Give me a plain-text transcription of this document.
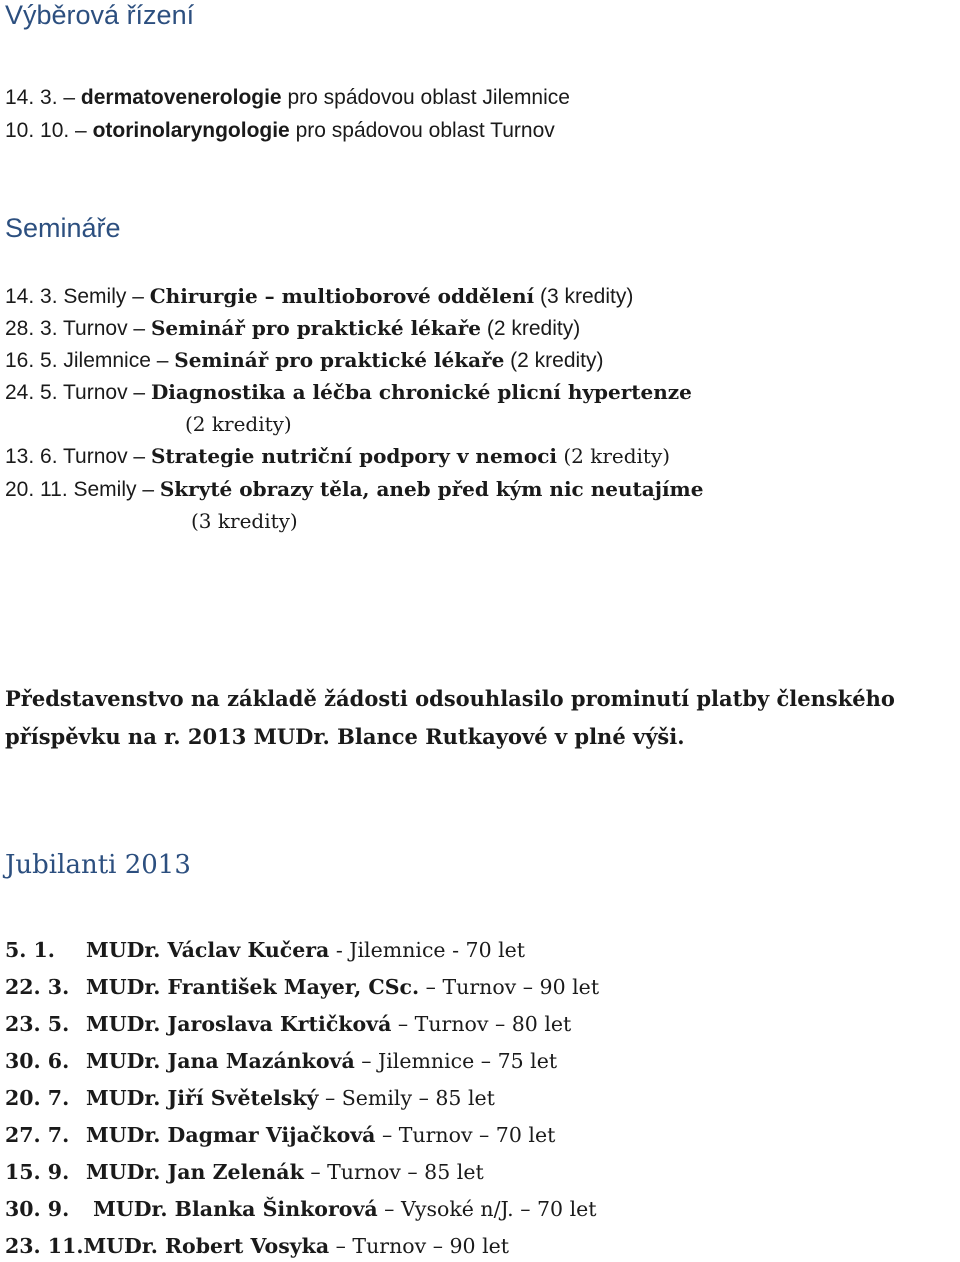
Výběrová řízení
14. 3. – dermatovenerologie pro spádovou oblast Jilemnice
10. 10. – otorinolaryngologie pro spádovou oblast Turnov
Semináře
14. 3. Semily – Chirurgie – multioborové oddělení (3 kredity)
28. 3. Turnov – Seminář pro praktické lékaře (2 kredity)
16. 5. Jilemnice – Seminář pro praktické lékaře (2 kredity)
24. 5. Turnov – Diagnostika a léčba chronické plicní hypertenze
(2 kredity)
13. 6. Turnov – Strategie nutriční podpory v nemoci (2 kredity)
20. 11. Semily – Skryté obrazy těla, aneb před kým nic neutajíme
(3 kredity)
Představenstvo na základě žádosti odsouhlasilo prominutí platby členského příspěvku na r. 2013 MUDr. Blance Rutkayové v plné výši.
Jubilanti 2013
5. 1. MUDr. Václav Kučera - Jilemnice - 70 let
22. 3. MUDr. František Mayer, CSc. – Turnov – 90 let
23. 5. MUDr. Jaroslava Krtičková – Turnov – 80 let
30. 6. MUDr. Jana Mazánková – Jilemnice – 75 let
20. 7. MUDr. Jiří Světelský – Semily – 85 let
27. 7. MUDr. Dagmar Vijačková – Turnov – 70 let
15. 9. MUDr. Jan Zelenák – Turnov – 85 let
30. 9. MUDr. Blanka Šinkorová – Vysoké n/J. – 70 let
23. 11.MUDr. Robert Vosyka – Turnov – 90 let
